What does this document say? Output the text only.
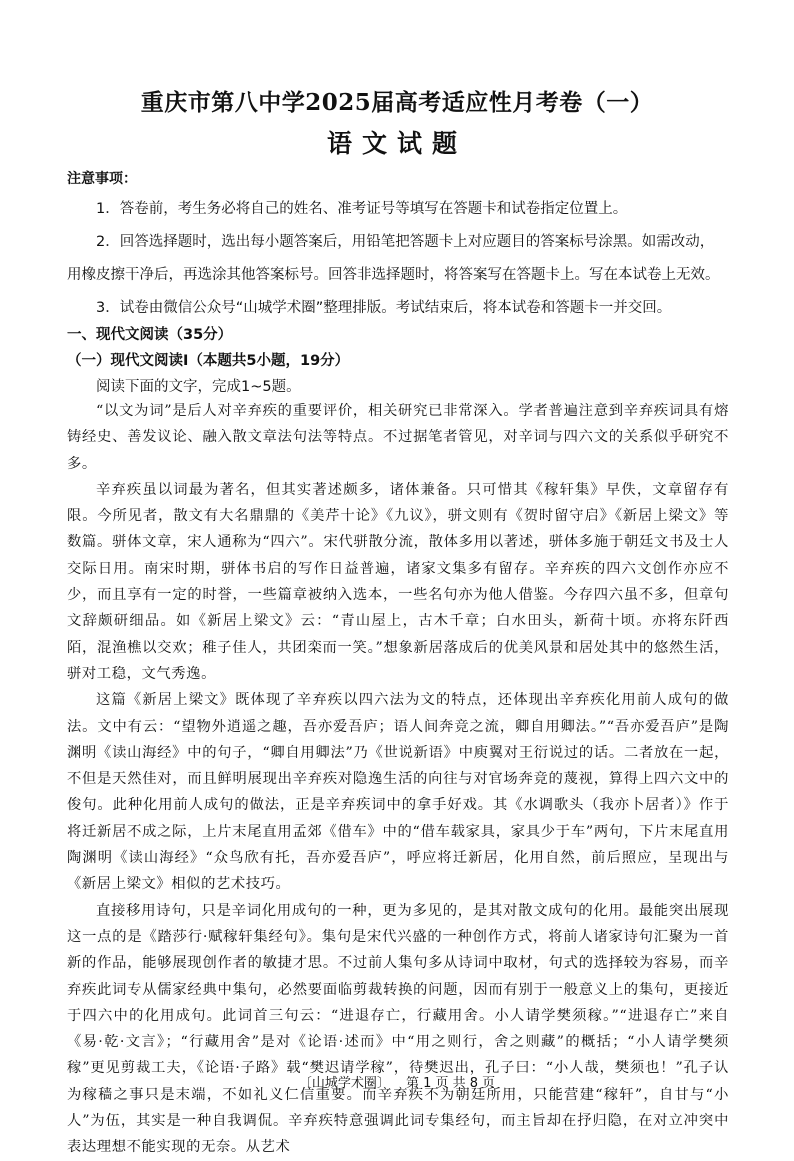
重庆市第八中学2025届高考适应性月考卷（一）
语文试题
注意事项：

1．答卷前，考生务必将自己的姓名、准考证号等填写在答题卡和试卷指定位置上。

2．回答选择题时，选出每小题答案后，用铅笔把答题卡上对应题目的答案标号涂黑。如需改动，用橡皮擦干净后，再选涂其他答案标号。回答非选择题时，将答案写在答题卡上。写在本试卷上无效。

3．试卷由微信公众号“山城学术圈”整理排版。考试结束后，将本试卷和答题卡一并交回。

一、现代文阅读（35分）
（一）现代文阅读Ⅰ（本题共5小题，19分）
阅读下面的文字，完成1~5题。

“以文为词”是后人对辛弃疾的重要评价，相关研究已非常深入。学者普遍注意到辛弃疾词具有熔铸经史、善发议论、融入散文章法句法等特点。不过据笔者管见，对辛词与四六文的关系似乎研究不多。

辛弃疾虽以词最为著名，但其实著述颇多，诸体兼备。只可惜其《稼轩集》早佚，文章留存有限。今所见者，散文有大名鼎鼎的《美芹十论》《九议》，骈文则有《贺时留守启》《新居上梁文》等数篇。骈体文章，宋人通称为“四六”。宋代骈散分流，散体多用以著述，骈体多施于朝廷文书及士人交际日用。南宋时期，骈体书启的写作日益普遍，诸家文集多有留存。辛弃疾的四六文创作亦应不少，而且享有一定的时誉，一些篇章被纳入选本，一些名句亦为他人借鉴。今存四六虽不多，但章句文辞颇研细品。如《新居上梁文》云：“青山屋上，古木千章；白水田头，新荷十顷。亦将东阡西陌，混渔樵以交欢；稚子佳人，共团栾而一笑。”想象新居落成后的优美风景和居处其中的悠然生活，骈对工稳，文气秀逸。

这篇《新居上梁文》既体现了辛弃疾以四六法为文的特点，还体现出辛弃疾化用前人成句的做法。文中有云：“望物外逍遥之趣，吾亦爱吾庐；语人间奔竞之流，卿自用卿法。”“吾亦爱吾庐”是陶渊明《读山海经》中的句子，“卿自用卿法”乃《世说新语》中庾翼对王衍说过的话。二者放在一起，不但是天然佳对，而且鲜明展现出辛弃疾对隐逸生活的向往与对官场奔竞的蔑视，算得上四六文中的俊句。此种化用前人成句的做法，正是辛弃疾词中的拿手好戏。其《水调歌头（我亦卜居者）》作于将迁新居不成之际，上片末尾直用孟郊《借车》中的“借车载家具，家具少于车”两句，下片末尾直用陶渊明《读山海经》“众鸟欣有托，吾亦爱吾庐”，呼应将迁新居，化用自然，前后照应，呈现出与《新居上梁文》相似的艺术技巧。

直接移用诗句，只是辛词化用成句的一种，更为多见的，是其对散文成句的化用。最能突出展现这一点的是《踏莎行·赋稼轩集经句》。集句是宋代兴盛的一种创作方式，将前人诸家诗句汇聚为一首新的作品，能够展现创作者的敏捷才思。不过前人集句多从诗词中取材，句式的选择较为容易，而辛弃疾此词专从儒家经典中集句，必然要面临剪裁转换的问题，因而有别于一般意义上的集句，更接近于四六中的化用成句。此词首三句云：“进退存亡，行藏用舍。小人请学樊须稼。”“进退存亡”来自《易·乾·文言》；“行藏用舍”是对《论语·述而》中“用之则行，舍之则藏”的概括；“小人请学樊须稼”更见剪裁工夫，《论语·子路》载“樊迟请学稼”，待樊迟出，孔子曰：“小人哉，樊须也！”孔子认为稼穑之事只是末端，不如礼义仁信重要。而辛弃疾不为朝廷所用，只能营建“稼轩”，自甘与“小人”为伍，其实是一种自我调侃。辛弃疾特意强调此词专集经句，而主旨却在抒归隐，在对立冲突中表达理想不能实现的无奈。从艺术

〔山城学术圈〕 第 1 页 共 8 页
